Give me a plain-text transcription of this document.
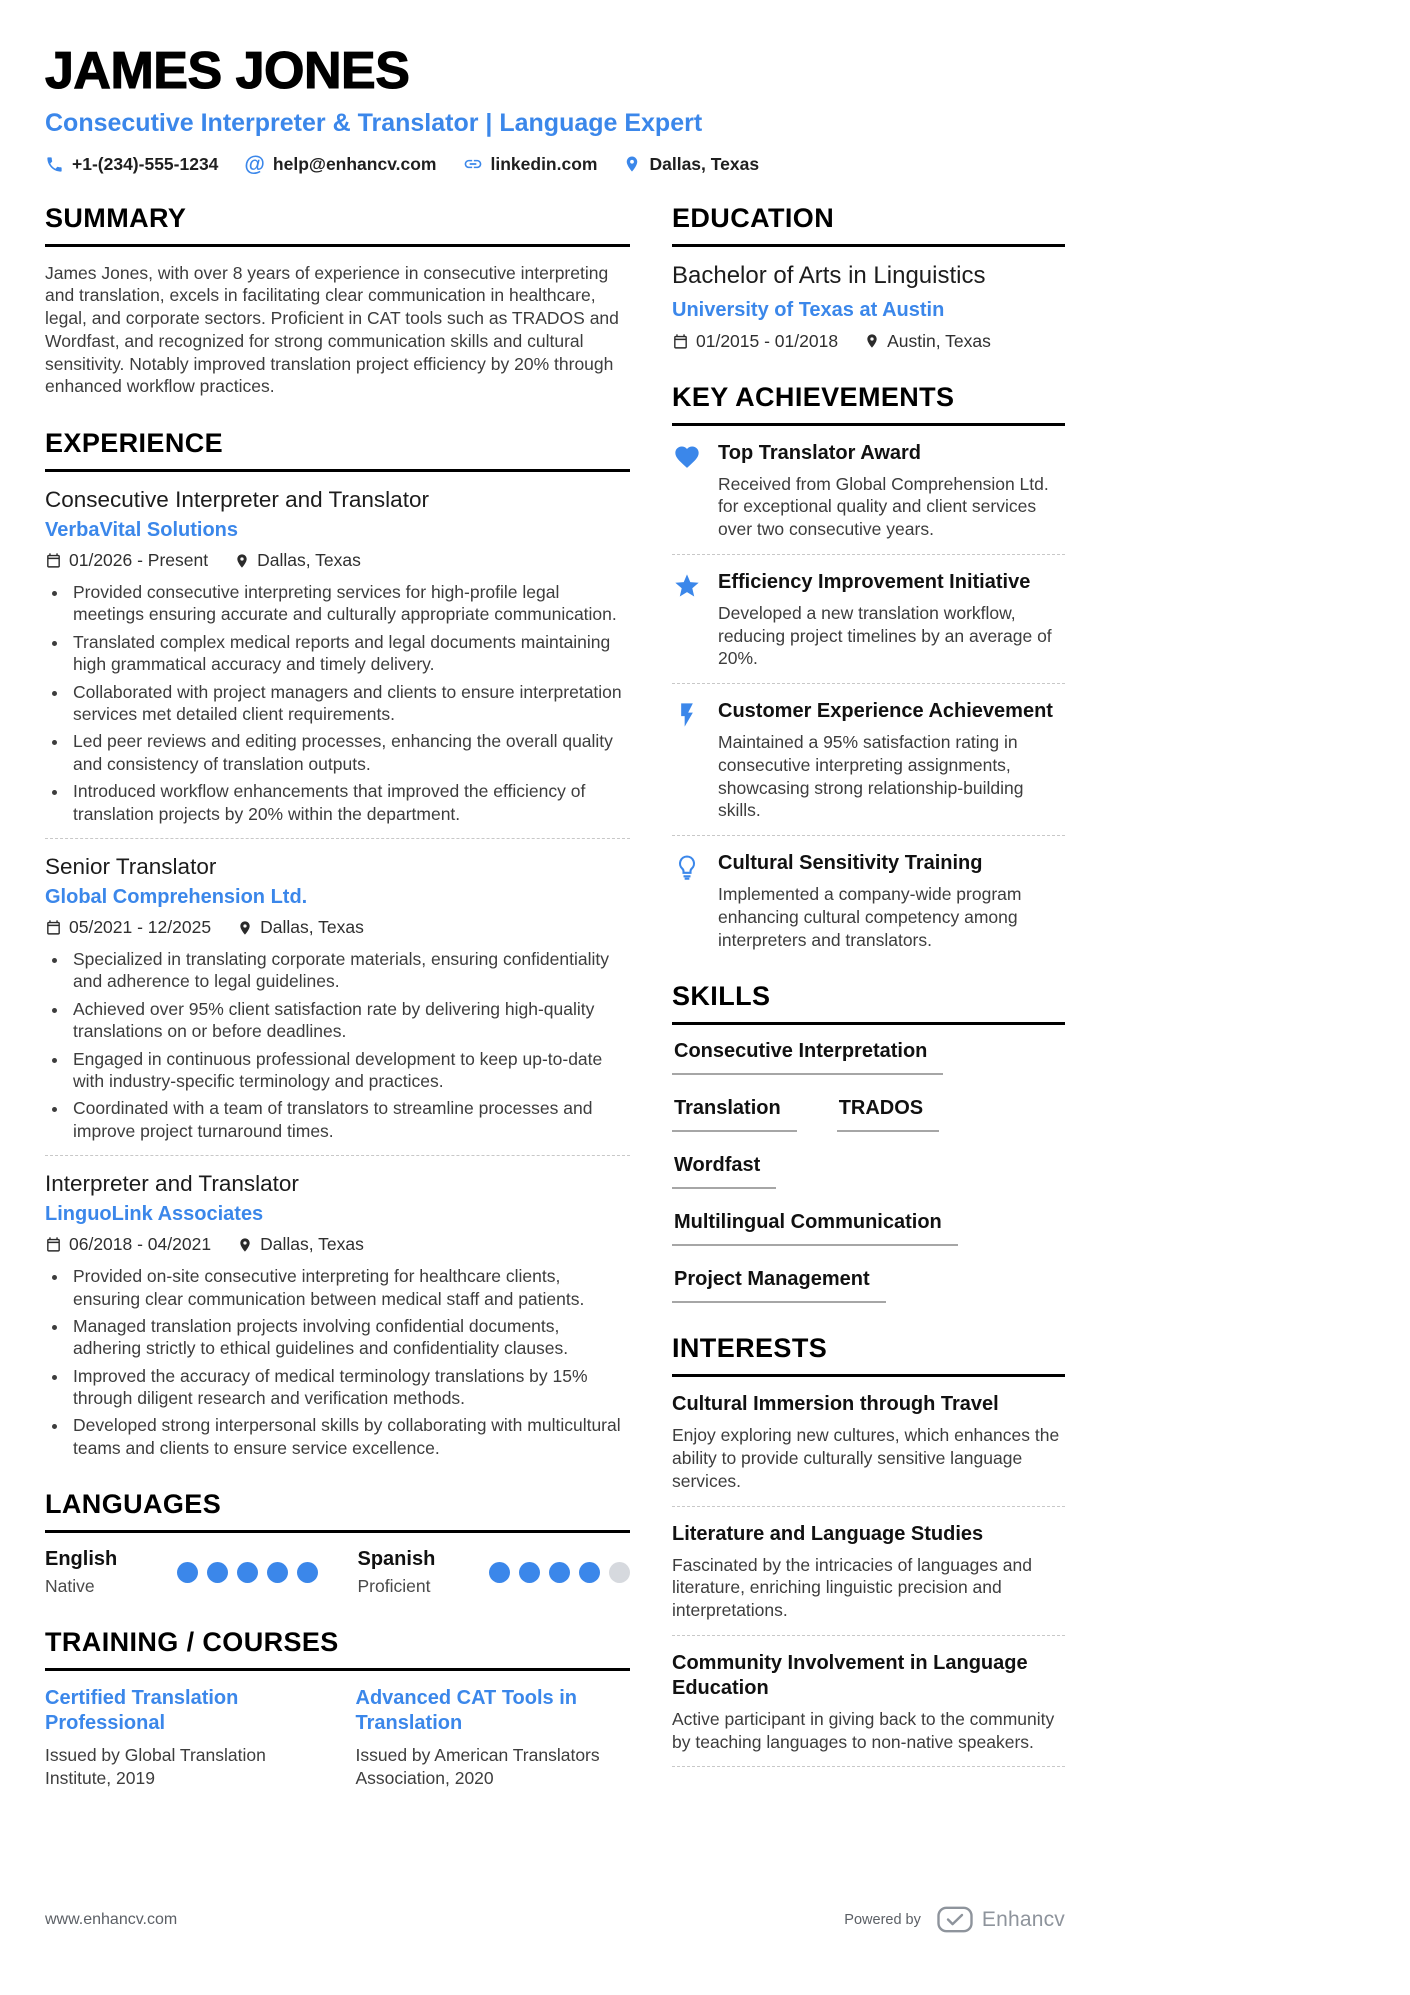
JAMES JONES
Consecutive Interpreter & Translator | Language Expert
+1-(234)-555-1234 @ help@enhancv.com	linkedin.com	Dallas, Texas
SUMMARY

James Jones, with over 8 years of experience in consecutive interpreting and translation, excels in facilitating clear communication in healthcare, legal, and corporate sectors. Proficient in CAT tools such as TRADOS and Wordfast, and recognized for strong communication skills and cultural sensitivity. Notably improved translation project efficiency by 20% through enhanced workflow practices.

EXPERIENCE
Consecutive Interpreter and Translator
VerbaVital Solutions
01/2026 - Present	Dallas, Texas
• Provided consecutive interpreting services for high-profile legal meetings ensuring accurate and culturally appropriate communication.
• Translated complex medical reports and legal documents maintaining high grammatical accuracy and timely delivery.
• Collaborated with project managers and clients to ensure interpretation services met detailed client requirements.
• Led peer reviews and editing processes, enhancing the overall quality and consistency of translation outputs.
• Introduced workflow enhancements that improved the efficiency of translation projects by 20% within the department.
Senior Translator
Global Comprehension Ltd.
05/2021 - 12/2025	Dallas, Texas
• Specialized in translating corporate materials, ensuring confidentiality and adherence to legal guidelines.
• Achieved over 95% client satisfaction rate by delivering high-quality translations on or before deadlines.
• Engaged in continuous professional development to keep up-to-date with industry-specific terminology and practices.
• Coordinated with a team of translators to streamline processes and improve project turnaround times.
Interpreter and Translator
LinguoLink Associates
06/2018 - 04/2021	Dallas, Texas
• Provided on-site consecutive interpreting for healthcare clients, ensuring clear communication between medical staff and patients.
• Managed translation projects involving confidential documents, adhering strictly to ethical guidelines and confidentiality clauses.
• Improved the accuracy of medical terminology translations by 15% through diligent research and verification methods.
• Developed strong interpersonal skills by collaborating with multicultural teams and clients to ensure service excellence.
LANGUAGES
English
Native
Spanish
Proficient
TRAINING / COURSES
Certified Translation Professional
Issued by Global Translation Institute, 2019
Advanced CAT Tools in Translation
Issued by American Translators Association, 2020
EDUCATION
Bachelor of Arts in Linguistics
University of Texas at Austin
01/2015 - 01/2018	Austin, Texas
KEY ACHIEVEMENTS
Top Translator Award
Received from Global Comprehension Ltd. for exceptional quality and client services over two consecutive years.
Efficiency Improvement Initiative
Developed a new translation workflow, reducing project timelines by an average of 20%.
Customer Experience Achievement
Maintained a 95% satisfaction rating in consecutive interpreting assignments, showcasing strong relationship-building skills.
Cultural Sensitivity Training
Implemented a company-wide program enhancing cultural competency among interpreters and translators.
SKILLS
Consecutive Interpretation
Translation	TRADOS
Wordfast
Multilingual Communication
Project Management
INTERESTS
Cultural Immersion through Travel
Enjoy exploring new cultures, which enhances the ability to provide culturally sensitive language services.
Literature and Language Studies
Fascinated by the intricacies of languages and literature, enriching linguistic precision and interpretations.
Community Involvement in Language Education
Active participant in giving back to the community by teaching languages to non-native speakers.
www.enhancv.com	Powered by	Enhancv
